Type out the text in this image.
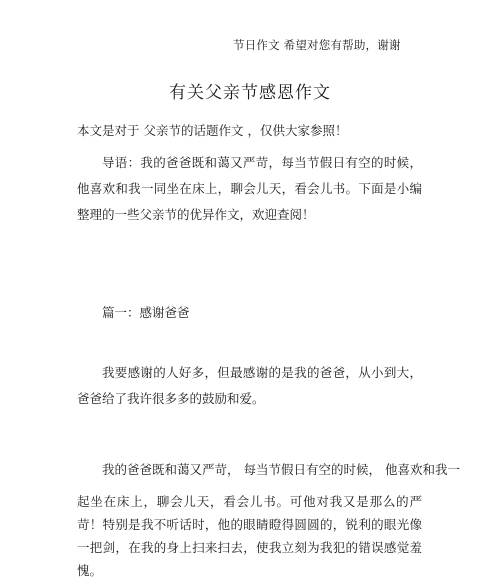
节日作文 希望对您有帮助，谢谢
有关父亲节感恩作文
本文是对于 父亲节的话题作文 ，仅供大家参照！
导语：我的爸爸既和蔼又严苛，每当节假日有空的时候，他喜欢和我一同坐在床上，聊会儿天，看会儿书。下面是小编整理的一些父亲节的优异作文，欢迎查阅！
篇一：感谢爸爸
我要感谢的人好多，但最感谢的是我的爸爸，从小到大，爸爸给了我许很多多的鼓励和爱。
我的爸爸既和蔼又严苛， 每当节假日有空的时候， 他喜欢和我一
起坐在床上，聊会儿天，看会儿书。可他对我又是那么的严苛！特别是我不听话时，他的眼睛瞪得圆圆的，锐利的眼光像一把剑，在我的身上扫来扫去，使我立刻为我犯的错误感觉羞愧。
